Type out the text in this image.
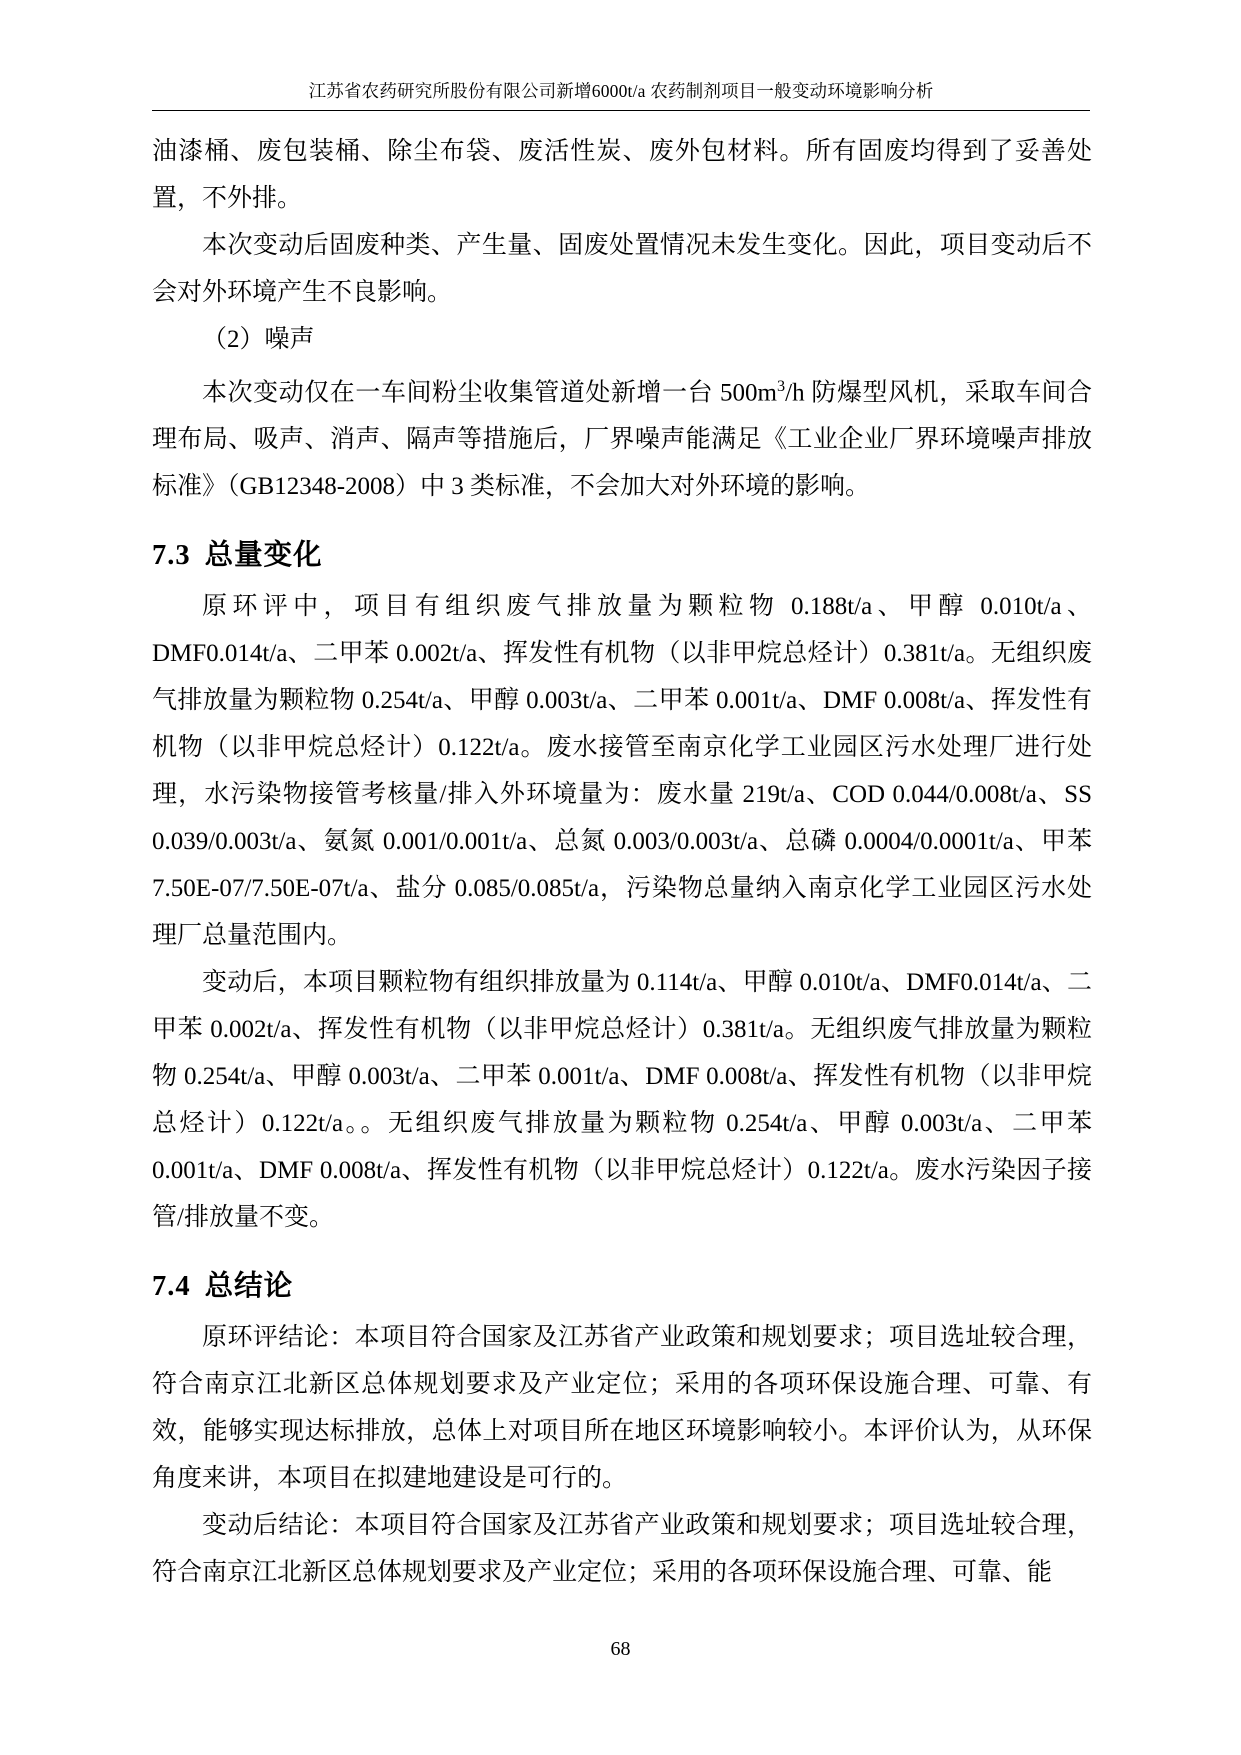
江苏省农药研究所股份有限公司新增6000t/a 农药制剂项目一般变动环境影响分析

油漆桶、废包装桶、除尘布袋、废活性炭、废外包材料。所有固废均得到了妥善处置，不外排。

本次变动后固废种类、产生量、固废处置情况未发生变化。因此，项目变动后不会对外环境产生不良影响。

（2）噪声

本次变动仅在一车间粉尘收集管道处新增一台 $500m^3/h$ 防爆型风机，采取车间合理布局、吸声、消声、隔声等措施后，厂界噪声能满足《工业企业厂界环境噪声排放标准》（GB12348-2008）中 3 类标准，不会加大对外环境的影响。

7.3 总量变化

原环评中，项目有组织废气排放量为颗粒物 0.188t/a、甲醇 0.010t/a、DMF0.014t/a、二甲苯 0.002t/a、挥发性有机物（以非甲烷总烃计）0.381t/a。无组织废气排放量为颗粒物 0.254t/a、甲醇 0.003t/a、二甲苯 0.001t/a、DMF 0.008t/a、挥发性有机物（以非甲烷总烃计）0.122t/a。废水接管至南京化学工业园区污水处理厂进行处理，水污染物接管考核量/排入外环境量为：废水量 219t/a、COD 0.044/0.008t/a、SS 0.039/0.003t/a、氨氮 0.001/0.001t/a、总氮 0.003/0.003t/a、总磷 0.0004/0.0001t/a、甲苯 7.50E-07/7.50E-07t/a、盐分 0.085/0.085t/a，污染物总量纳入南京化学工业园区污水处理厂总量范围内。

变动后，本项目颗粒物有组织排放量为 0.114t/a、甲醇 0.010t/a、DMF0.014t/a、二甲苯 0.002t/a、挥发性有机物（以非甲烷总烃计）0.381t/a。无组织废气排放量为颗粒物 0.254t/a、甲醇 0.003t/a、二甲苯 0.001t/a、DMF 0.008t/a、挥发性有机物（以非甲烷总烃计）0.122t/a。。无组织废气排放量为颗粒物 0.254t/a、甲醇 0.003t/a、二甲苯 0.001t/a、DMF 0.008t/a、挥发性有机物（以非甲烷总烃计）0.122t/a。废水污染因子接管/排放量不变。

7.4 总结论

原环评结论：本项目符合国家及江苏省产业政策和规划要求；项目选址较合理，符合南京江北新区总体规划要求及产业定位；采用的各项环保设施合理、可靠、有效，能够实现达标排放，总体上对项目所在地区环境影响较小。本评价认为，从环保角度来讲，本项目在拟建地建设是可行的。

变动后结论：本项目符合国家及江苏省产业政策和规划要求；项目选址较合理，符合南京江北新区总体规划要求及产业定位；采用的各项环保设施合理、可靠、能

68
